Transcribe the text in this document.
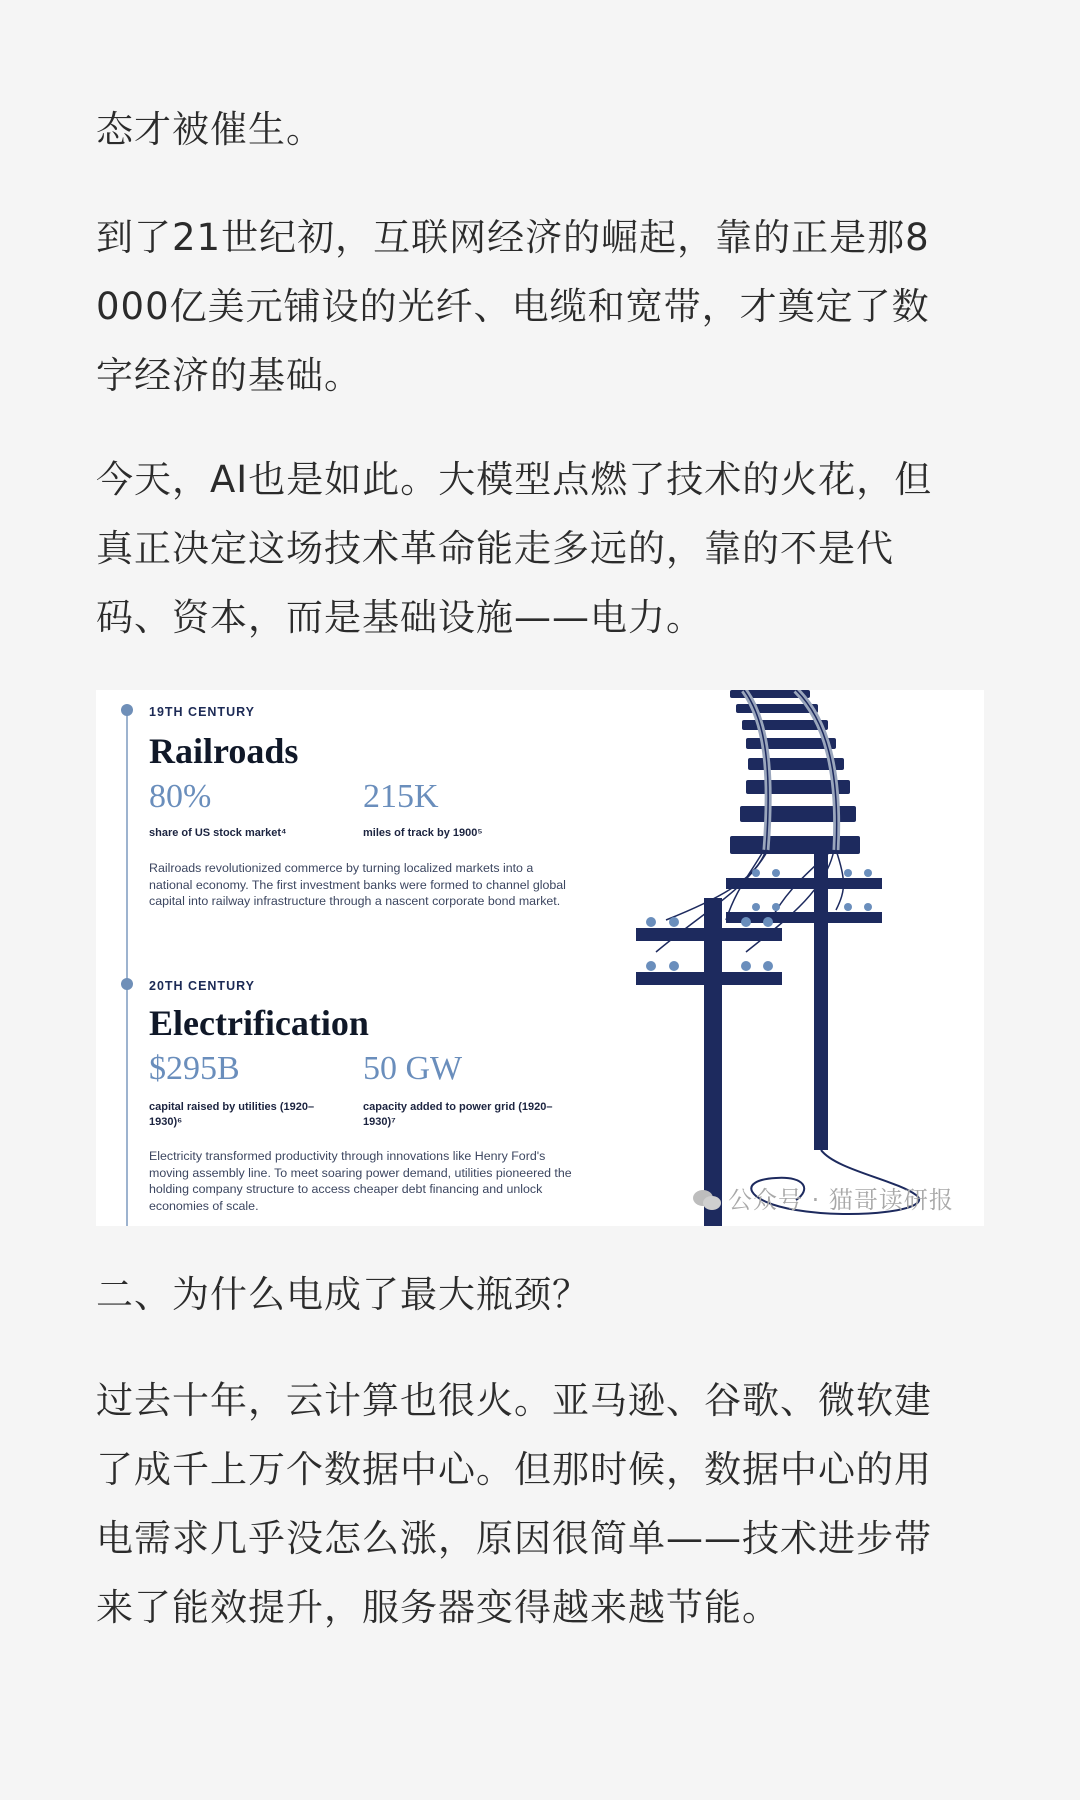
态才被催生。

到了21世纪初，互联网经济的崛起，靠的正是那8
000亿美元铺设的光纤、电缆和宽带，才奠定了数
字经济的基础。

今天，AI也是如此。大模型点燃了技术的火花，但
真正决定这场技术革命能走多远的，靠的不是代
码、资本，而是基础设施——电力。

19TH CENTURY
Railroads
80%
share of US stock market⁴
215K
miles of track by 1900⁵

Railroads revolutionized commerce by turning localized markets into a national economy. The first investment banks were formed to channel global capital into railway infrastructure through a nascent corporate bond market.

20TH CENTURY
Electrification
$295B
capital raised by utilities (1920–1930)⁶
50 GW
capacity added to power grid (1920–1930)⁷

Electricity transformed productivity through innovations like Henry Ford's moving assembly line. To meet soaring power demand, utilities pioneered the holding company structure to access cheaper debt financing and unlock economies of scale.	公众号 · 猫哥读研报
二、为什么电成了最大瓶颈？

过去十年，云计算也很火。亚马逊、谷歌、微软建
了成千上万个数据中心。但那时候，数据中心的用
电需求几乎没怎么涨，原因很简单——技术进步带
来了能效提升，服务器变得越来越节能。
